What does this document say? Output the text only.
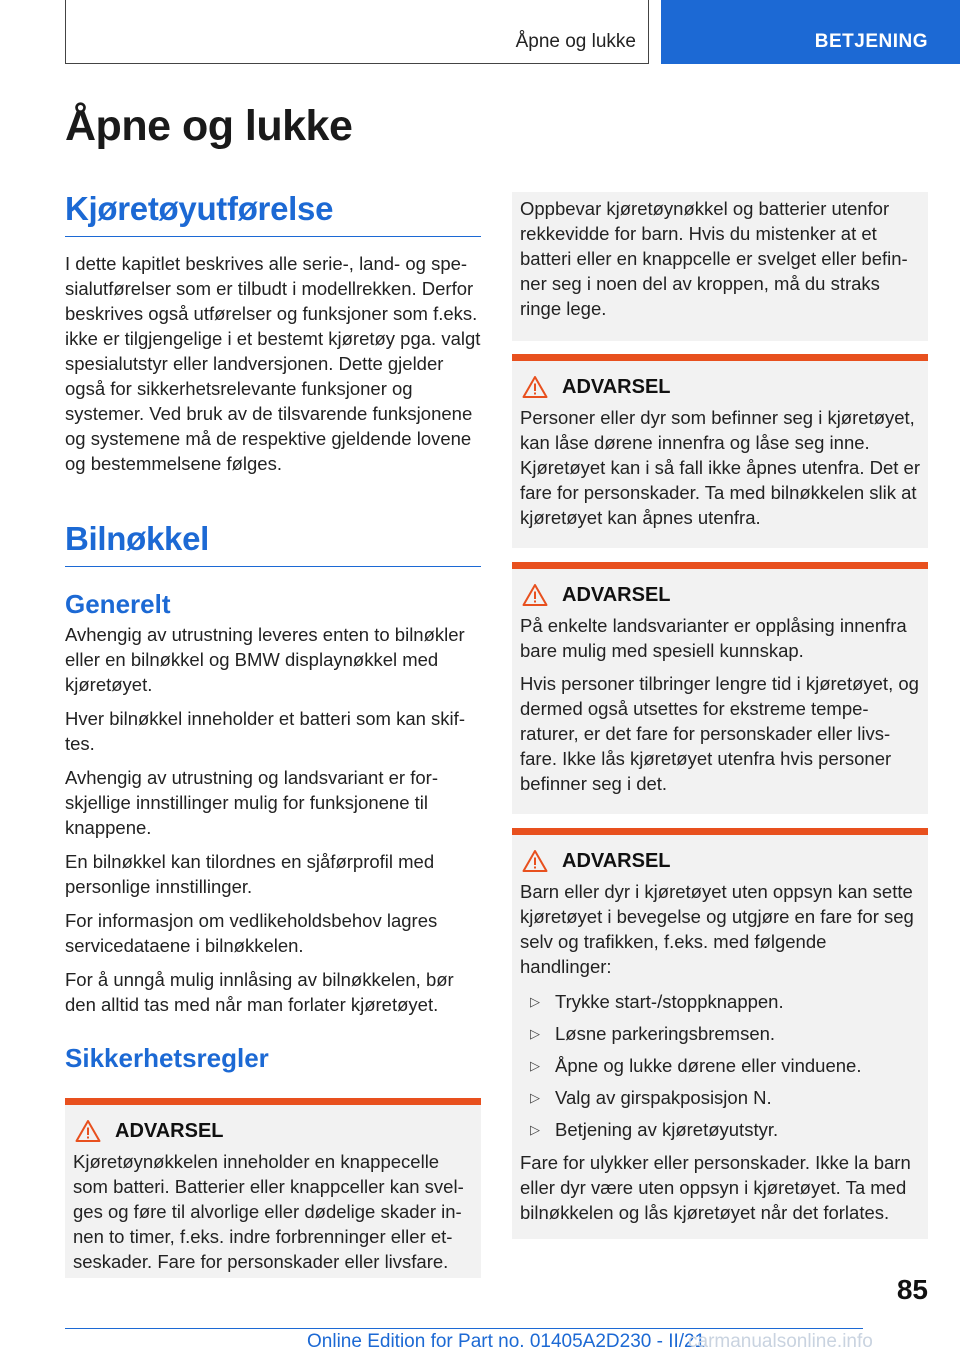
Åpne og lukke	BETJENING
Åpne og lukke
Kjøretøyutførelse

I dette kapitlet beskrives alle serie-, land- og spesialutførelser som er tilbudt i modellrekken. Derfor beskrives også utførelser og funksjoner som f.eks. ikke er tilgjengelige i et bestemt kjøretøy pga. valgt spesialutstyr eller landversjonen. Dette gjelder også for sikkerhetsrelevante funksjoner og systemer. Ved bruk av de tilsvarende funksjonene og systemene må de respektive gjeldende lovene og bestemmelsene følges.

Bilnøkkel
Generelt

Avhengig av utrustning leveres enten to bilnøkler eller en bilnøkkel og BMW displaynøkkel med kjøretøyet.

Hver bilnøkkel inneholder et batteri som kan skiftes.

Avhengig av utrustning og landsvariant er forskjellige innstillinger mulig for funksjonene til knappene.

En bilnøkkel kan tilordnes en sjåførprofil med personlige innstillinger.

For informasjon om vedlikeholdsbehov lagres servicedataene i bilnøkkelen.

For å unngå mulig innlåsing av bilnøkkelen, bør den alltid tas med når man forlater kjøretøyet.

Sikkerhetsregler
ADVARSEL

Kjøretøynøkkelen inneholder en knappecelle som batteri. Batterier eller knappceller kan svelges og føre til alvorlige eller dødelige skader innen to timer, f.eks. indre forbrenninger eller etseskader. Fare for personskader eller livsfare.

Oppbevar kjøretøynøkkel og batterier utenfor rekkevidde for barn. Hvis du mistenker at et batteri eller en knappcelle er svelget eller befinner seg i noen del av kroppen, må du straks ringe lege.

ADVARSEL

Personer eller dyr som befinner seg i kjøretøyet, kan låse dørene innenfra og låse seg inne. Kjøretøyet kan i så fall ikke åpnes utenfra. Det er fare for personskader. Ta med bilnøkkelen slik at kjøretøyet kan åpnes utenfra.

ADVARSEL

På enkelte landsvarianter er opplåsing innenfra bare mulig med spesiell kunnskap.

Hvis personer tilbringer lengre tid i kjøretøyet, og dermed også utsettes for ekstreme temperaturer, er det fare for personskader eller livsfare. Ikke lås kjøretøyet utenfra hvis personer befinner seg i det.

ADVARSEL

Barn eller dyr i kjøretøyet uten oppsyn kan sette kjøretøyet i bevegelse og utgjøre en fare for seg selv og trafikken, f.eks. med følgende handlinger:

▷ Trykke start-/stoppknappen.
▷ Løsne parkeringsbremsen.
▷ Åpne og lukke dørene eller vinduene.
▷ Valg av girspakposisjon N.
▷ Betjening av kjøretøyutstyr.

Fare for ulykker eller personskader. Ikke la barn eller dyr være uten oppsyn i kjøretøyet. Ta med bilnøkkelen og lås kjøretøyet når det forlates.

85
Online Edition for Part no. 01405A2D230 - II/21
carmanualsonline.info
